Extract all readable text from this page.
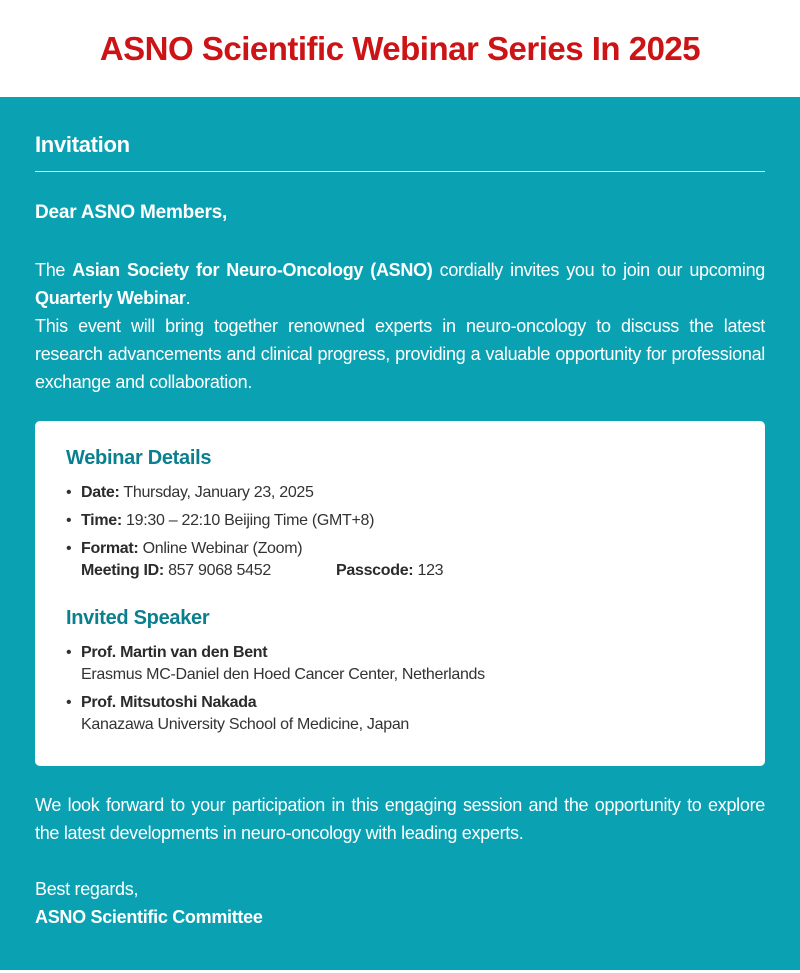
ASNO Scientific Webinar Series In 2025
Invitation
Dear ASNO Members,

The Asian Society for Neuro-Oncology (ASNO) cordially invites you to join our upcoming Quarterly Webinar.

This event will bring together renowned experts in neuro-oncology to discuss the latest research advancements and clinical progress, providing a valuable opportunity for professional exchange and collaboration.

Webinar Details
• Date: Thursday, January 23, 2025
• Time: 19:30 – 22:10 Beijing Time (GMT+8)
• Format: Online Webinar (Zoom)
Meeting ID: 857 9068 5452	Passcode: 123
Invited Speaker
• Prof. Martin van den Bent
Erasmus MC-Daniel den Hoed Cancer Center, Netherlands
• Prof. Mitsutoshi Nakada
Kanazawa University School of Medicine, Japan
We look forward to your participation in this engaging session and the opportunity to explore the latest developments in neuro-oncology with leading experts.
Best regards,
ASNO Scientific Committee
